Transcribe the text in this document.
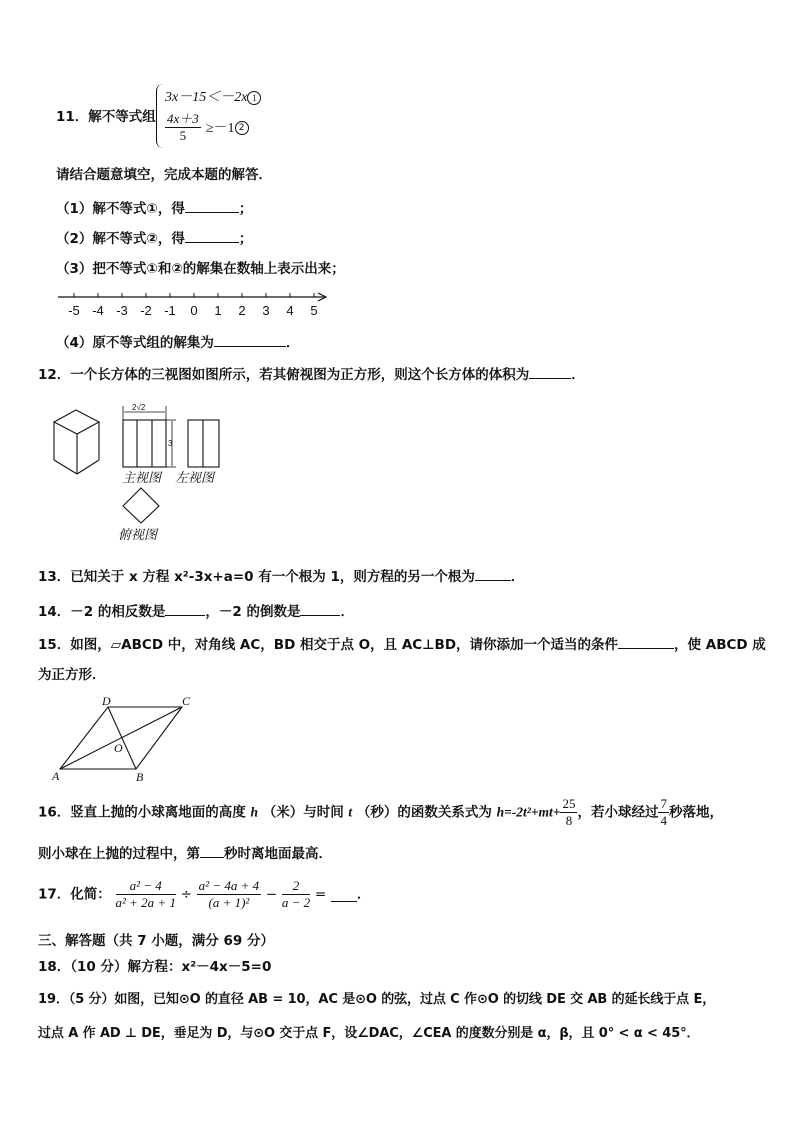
11．解不等式组
3x－15＜－2x 1
$\frac{4x+3}{5} \ge-1$ 2
请结合题意填空，完成本题的解答．
（1）解不等式①，得	；
（2）解不等式②，得	；
（3）把不等式①和②的解集在数轴上表示出来；
-5 -4 -3 -2 -1 0 1 2 3 4 5
（4）原不等式组的解集为	．
12．一个长方体的三视图如图所示，若其俯视图为正方形，则这个长方体的体积为	．
2√2
3
主视图 左视图
俯视图
13．已知关于 x 方程 x²-3x+a=0 有一个根为 1，则方程的另一个根为	．
14．－2 的相反数是	，－2 的倒数是	．
15．如图，▱ABCD 中，对角线 AC，BD 相交于点 O，且 AC⊥BD，请你添加一个适当的条件	，使 ABCD 成
为正方形．
D	C
O
A	B
16．竖直上抛的小球离地面的高度 h （米）与时间 t （秒）的函数关系式为 $h=-2t^2+mt+ \frac{25}{8}$ ，若小球经过 $\frac{7}{4}$ 秒落地，
则小球在上抛的过程中，第 秒时离地面最高．
17．化简： $\frac{\text{a² − 4}}{\text{a² + 2a + 1}} \div \frac{\text{a² − 4a + 4}}{\text{(a + 1)²}} - \frac{2}{a - 2}$ = ．
三、解答题（共 7 小题，满分 69 分）
18．（10 分）解方程：x²－4x－5=0
19．（5 分）如图，已知⊙O 的直径 AB = 10，AC 是⊙O 的弦，过点 C 作⊙O 的切线 DE 交 AB 的延长线于点 E，
过点 A 作 AD ⊥ DE，垂足为 D，与⊙O 交于点 F，设∠DAC，∠CEA 的度数分别是 α，β，且 0° < α < 45°．
